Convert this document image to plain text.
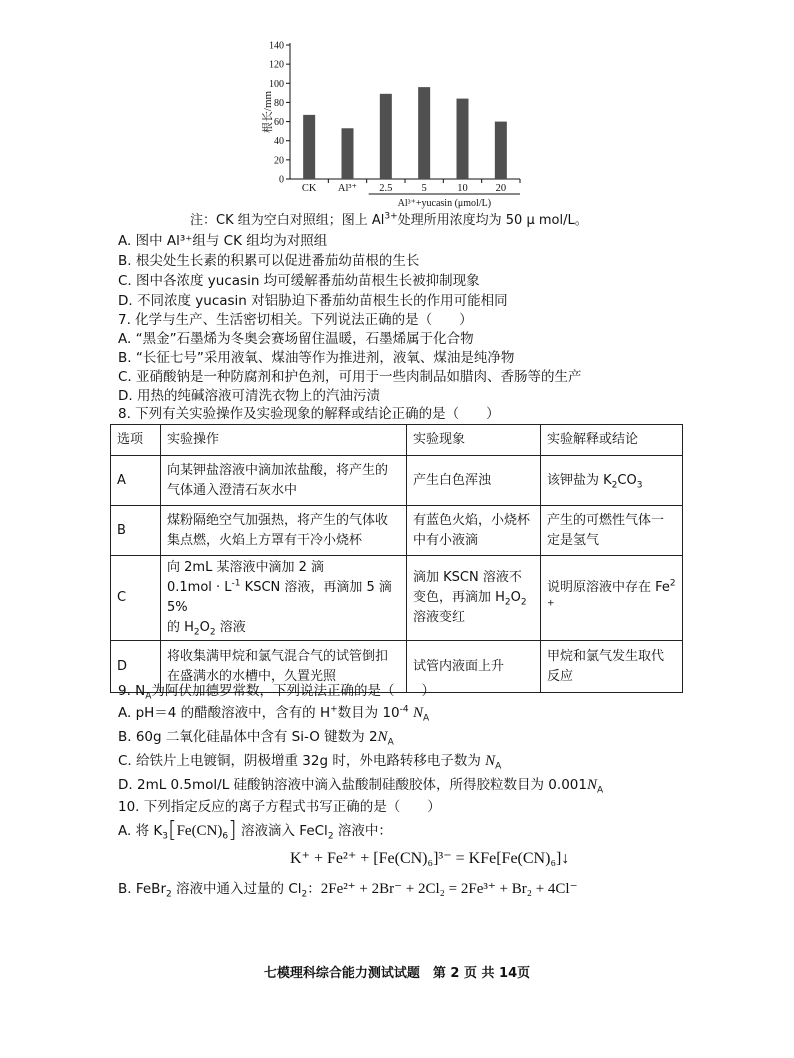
0
20
40
60
80
100
120
140
CK Al³⁺ 2.5	5	10	20
Al³⁺+yucasin (μmol/L)
根长/mm
注：CK 组为空白对照组；图上 $Al^{3+}$处理所用浓度均为 50 μ mol/L。
A. 图中 Al³⁺组与 CK 组均为对照组
B. 根尖处生长素的积累可以促进番茄幼苗根的生长
C. 图中各浓度 yucasin 均可缓解番茄幼苗根生长被抑制现象
D. 不同浓度 yucasin 对铝胁迫下番茄幼苗根生长的作用可能相同
7. 化学与生产、生活密切相关。下列说法正确的是（　　）
A. “黑金”石墨烯为冬奥会赛场留住温暖，石墨烯属于化合物
B. “长征七号”采用液氧、煤油等作为推进剂，液氧、煤油是纯净物
C. 亚硝酸钠是一种防腐剂和护色剂，可用于一些肉制品如腊肉、香肠等的生产
D. 用热的纯碱溶液可清洗衣物上的汽油污渍
8. 下列有关实验操作及实验现象的解释或结论正确的是（　　）
选项	实验操作	实验现象	实验解释或结论
A	向某钾盐溶液中滴加浓盐酸，将产生的气体通入澄清石灰水中	产生白色浑浊	该钾盐为 $K_2CO_3$
B	煤粉隔绝空气加强热，将产生的气体收集点燃，火焰上方罩有干冷小烧杯	有蓝色火焰，小烧杯中有小液滴	产生的可燃性气体一定是氢气
C	向 2mL 某溶液中滴加 2 滴
$0.1mol \cdot L^{-1}$ KSCN 溶液，再滴加 5 滴 5%
的 $H_2O_2$ 溶液	滴加 KSCN 溶液不变色，再滴加 $H_2O_2$ 溶液变红	说明原溶液中存在 $Fe^{2+}$
D	将收集满甲烷和氯气混合气的试管倒扣在盛满水的水槽中，久置光照	试管内液面上升	甲烷和氯气发生取代反应
9. $N_A$为阿伏加德罗常数，下列说法正确的是（　　）
A. pH＝4 的醋酸溶液中，含有的 H+数目为 $10^{-4}$ $N_A$
B. 60g 二氧化硅晶体中含有 Si-O 键数为 $2N_A$
C. 给铁片上电镀铜，阴极增重 32g 时，外电路转移电子数为 $N_A$
D. 2mL 0.5mol/L 硅酸钠溶液中滴入盐酸制硅酸胶体，所得胶粒数目为 $0.001N_A$
10. 下列指定反应的离子方程式书写正确的是（　　）
A. 将 $K_3[Fe(CN)_6]$ 溶液滴入 FeCl$_2$ 溶液中：
K⁺ + Fe²⁺ + [Fe(CN)₆]³⁻ = KFe[Fe(CN)₆]↓
B. FeBr$_2$ 溶液中通入过量的 $Cl_2$：2Fe²⁺ + 2Br⁻ + 2Cl₂ = 2Fe³⁺ + Br₂ + 4Cl⁻
七模理科综合能力测试试题　第 2 页 共 14页
